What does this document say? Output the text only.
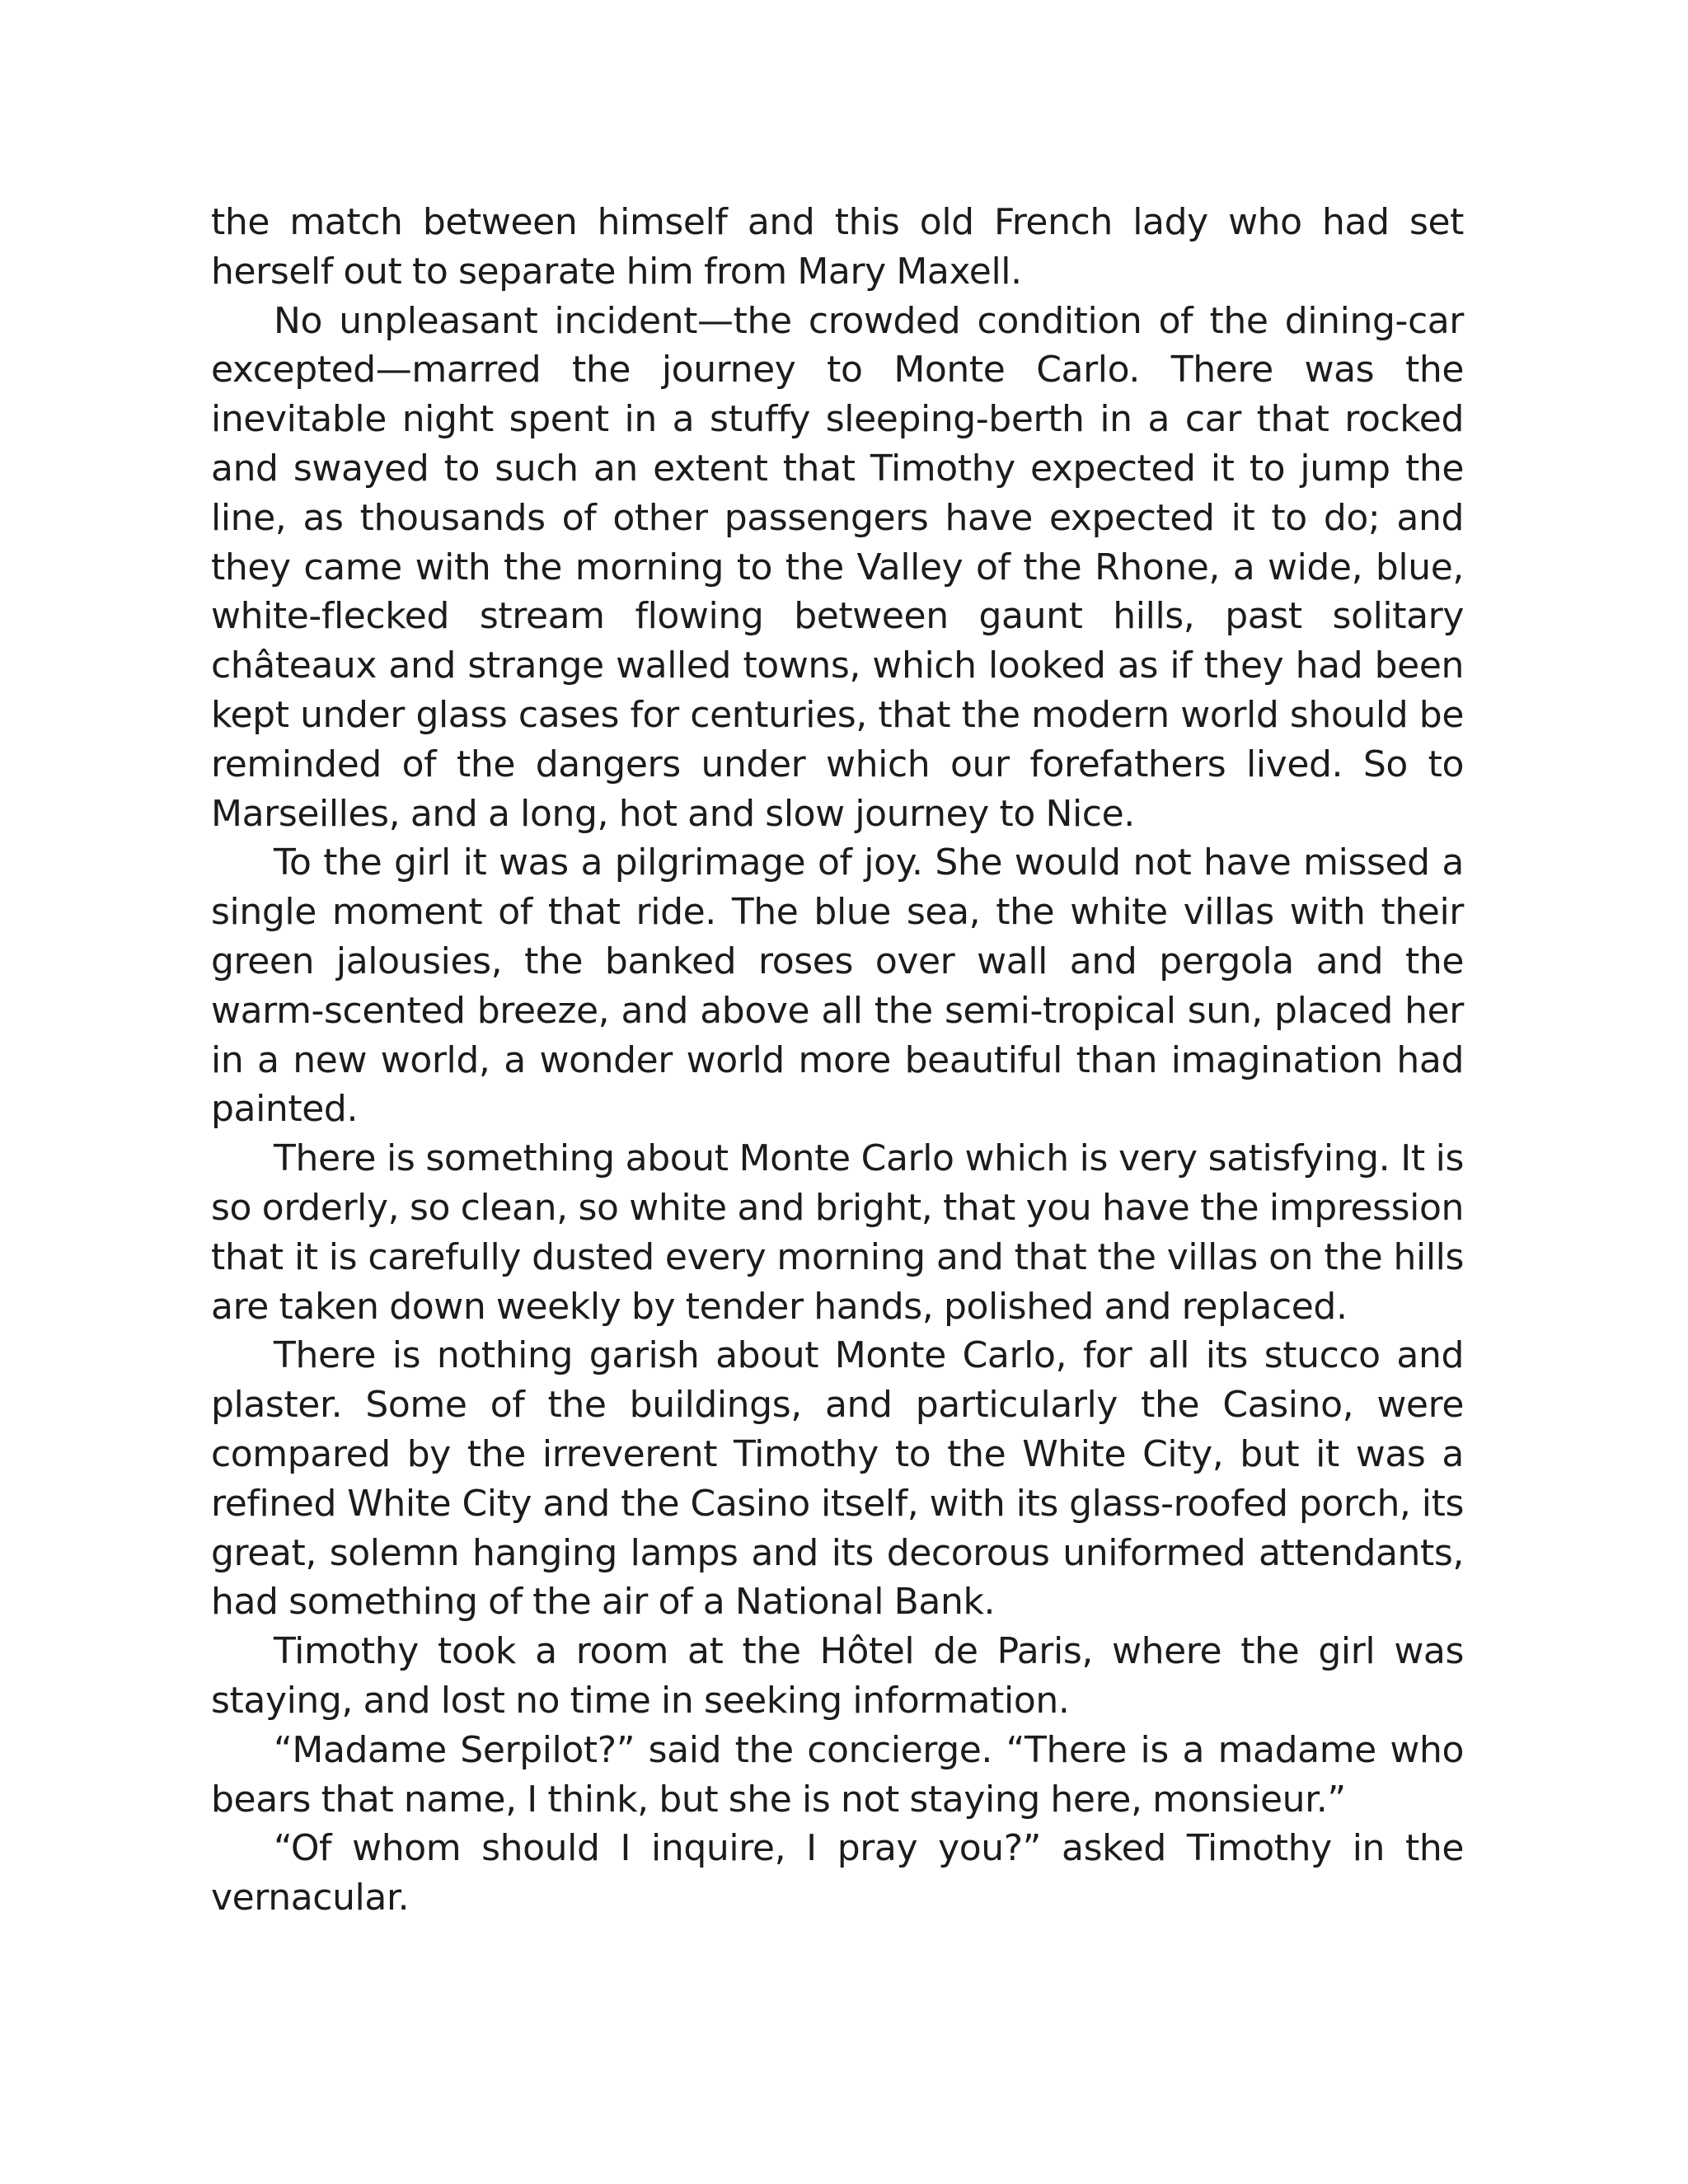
the match between himself and this old French lady who had set herself out to separate him from Mary Maxell.

No unpleasant incident—the crowded condition of the dining-car excepted—marred the journey to Monte Carlo. There was the inevitable night spent in a stuffy sleeping-berth in a car that rocked and swayed to such an extent that Timothy expected it to jump the line, as thousands of other passengers have expected it to do; and they came with the morning to the Valley of the Rhone, a wide, blue, white-flecked stream flowing between gaunt hills, past solitary châteaux and strange walled towns, which looked as if they had been kept under glass cases for centuries, that the modern world should be reminded of the dangers under which our forefathers lived. So to Marseilles, and a long, hot and slow journey to Nice.

To the girl it was a pilgrimage of joy. She would not have missed a single moment of that ride. The blue sea, the white villas with their green jalousies, the banked roses over wall and pergola and the warm-scented breeze, and above all the semi-tropical sun, placed her in a new world, a wonder world more beautiful than imagination had painted.

There is something about Monte Carlo which is very satisfying. It is so orderly, so clean, so white and bright, that you have the impression that it is carefully dusted every morning and that the villas on the hills are taken down weekly by tender hands, polished and replaced.

There is nothing garish about Monte Carlo, for all its stucco and plaster. Some of the buildings, and particularly the Casino, were compared by the irreverent Timothy to the White City, but it was a refined White City and the Casino itself, with its glass-roofed porch, its great, solemn hanging lamps and its decorous uniformed attendants, had something of the air of a National Bank.

Timothy took a room at the Hôtel de Paris, where the girl was staying, and lost no time in seeking information.

“Madame Serpilot?” said the concierge. “There is a madame who bears that name, I think, but she is not staying here, monsieur.”

“Of whom should I inquire, I pray you?” asked Timothy in the vernacular.
